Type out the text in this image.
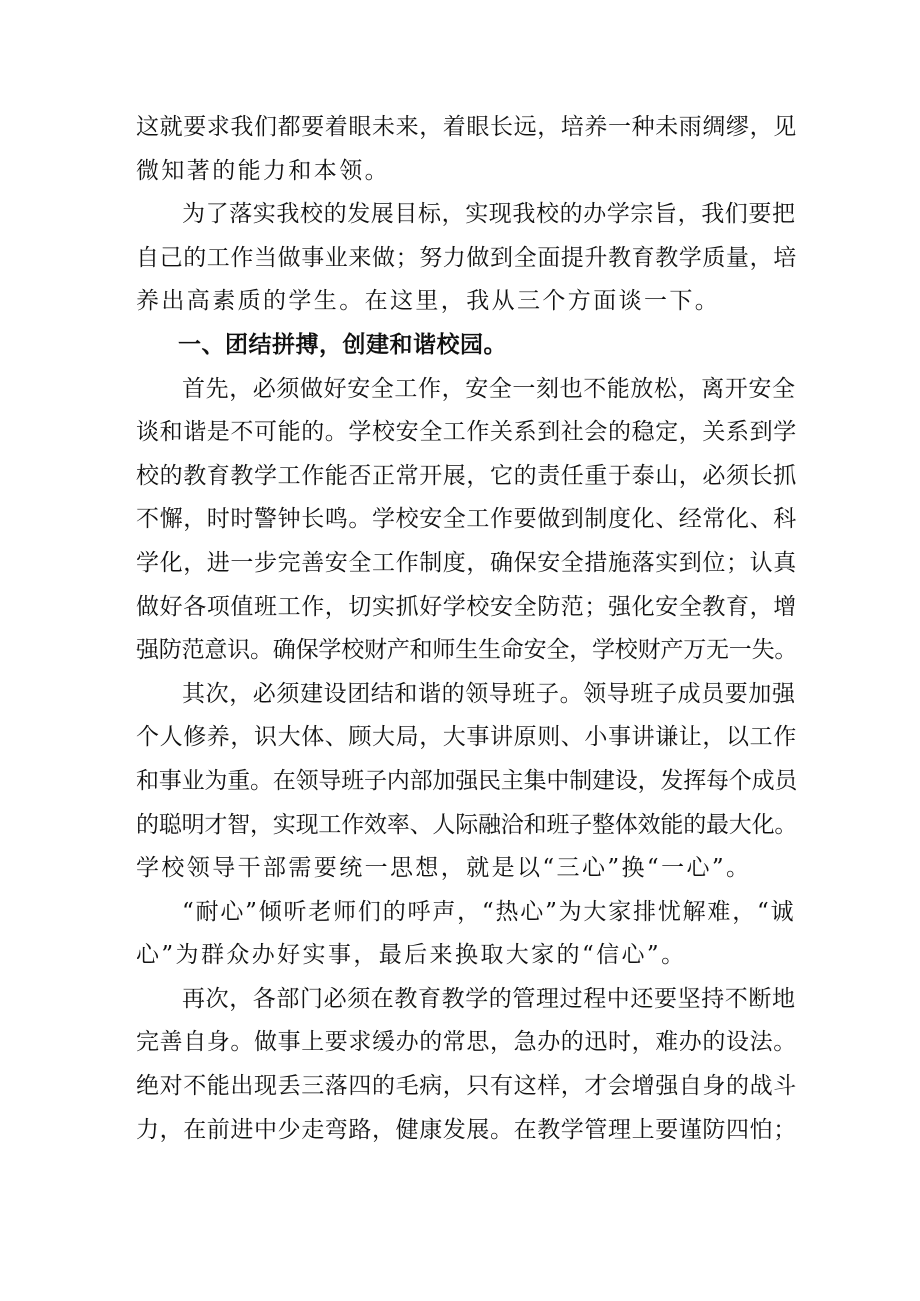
这就要求我们都要着眼未来，着眼长远，培养一种未雨绸缪，见
微知著的能力和本领。
为了落实我校的发展目标，实现我校的办学宗旨，我们要把
自己的工作当做事业来做；努力做到全面提升教育教学质量，培
养出高素质的学生。在这里，我从三个方面谈一下。
一、团结拼搏，创建和谐校园。
首先，必须做好安全工作，安全一刻也不能放松，离开安全
谈和谐是不可能的。学校安全工作关系到社会的稳定，关系到学
校的教育教学工作能否正常开展，它的责任重于泰山，必须长抓
不懈，时时警钟长鸣。学校安全工作要做到制度化、经常化、科
学化，进一步完善安全工作制度，确保安全措施落实到位；认真
做好各项值班工作，切实抓好学校安全防范；强化安全教育，增
强防范意识。确保学校财产和师生生命安全，学校财产万无一失。
其次，必须建设团结和谐的领导班子。领导班子成员要加强
个人修养，识大体、顾大局，大事讲原则、小事讲谦让，以工作
和事业为重。在领导班子内部加强民主集中制建设，发挥每个成员
的聪明才智，实现工作效率、人际融洽和班子整体效能的最大化。
学校领导干部需要统一思想，就是以“三心”换“一心”。
“耐心”倾听老师们的呼声，“热心”为大家排忧解难，“诚
心”为群众办好实事，最后来换取大家的“信心”。
再次，各部门必须在教育教学的管理过程中还要坚持不断地
完善自身。做事上要求缓办的常思，急办的迅时，难办的设法。
绝对不能出现丢三落四的毛病，只有这样，才会增强自身的战斗
力，在前进中少走弯路，健康发展。在教学管理上要谨防四怕；
